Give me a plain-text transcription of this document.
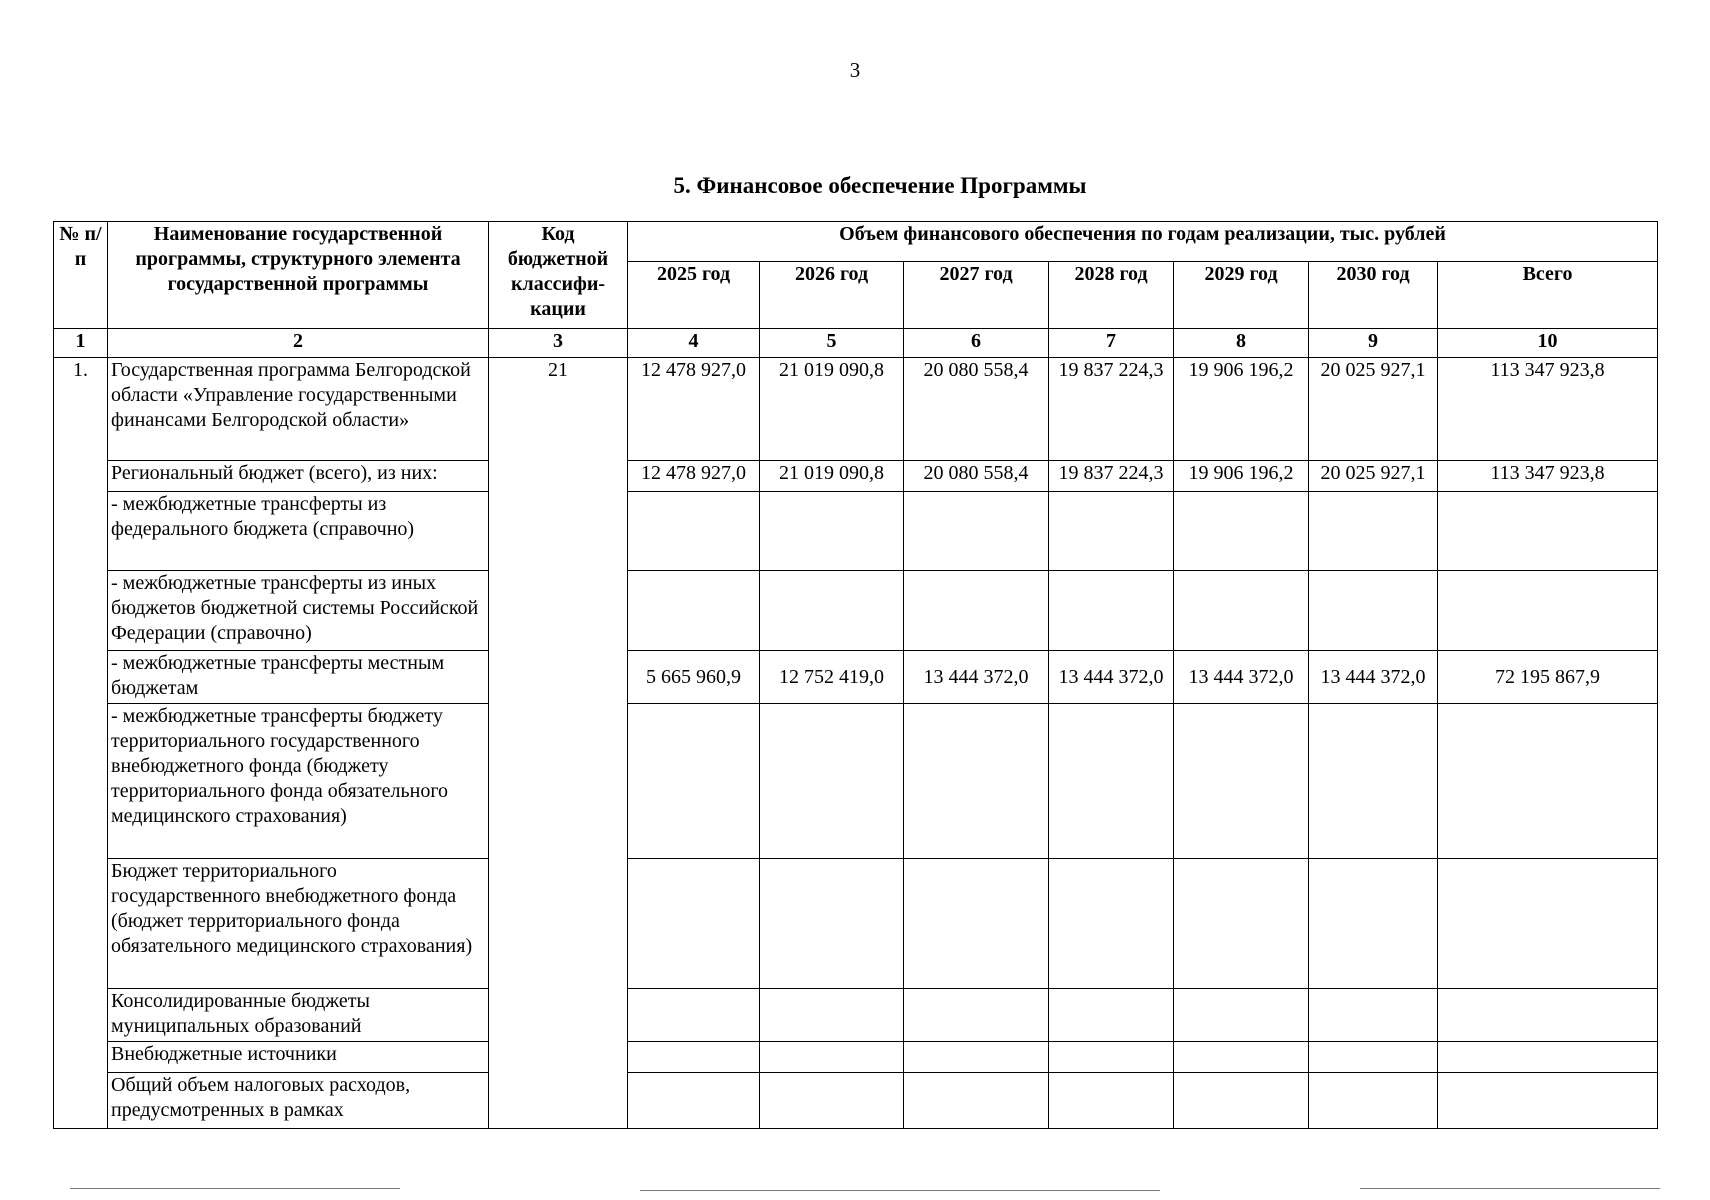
3
5. Финансовое обеспечение Программы
№ п/п	Наименование государственной программы, структурного элемента государственной программы	Код бюджетной классифи-кации	Объем финансового обеспечения по годам реализации, тыс. рублей						
			2025 год	2026 год	2027 год	2028 год	2029 год	2030 год	Всего
1	2	3	4	5	6	7	8	9	10
1.	Государственная программа Белгородской области «Управление государственными финансами Белгородской области»	21	12 478 927,0	21 019 090,8	20 080 558,4	19 837 224,3	19 906 196,2	20 025 927,1	113 347 923,8
	Региональный бюджет (всего), из них:		12 478 927,0	21 019 090,8	20 080 558,4	19 837 224,3	19 906 196,2	20 025 927,1	113 347 923,8
	- межбюджетные трансферты из федерального бюджета (справочно)								
	- межбюджетные трансферты из иных бюджетов бюджетной системы Российской Федерации (справочно)								
	- межбюджетные трансферты местным бюджетам		5 665 960,9	12 752 419,0	13 444 372,0	13 444 372,0	13 444 372,0	13 444 372,0	72 195 867,9
	- межбюджетные трансферты бюджету территориального государственного внебюджетного фонда (бюджету территориального фонда обязательного медицинского страхования)								
	Бюджет территориального государственного внебюджетного фонда (бюджет территориального фонда обязательного медицинского страхования)								
	Консолидированные бюджеты муниципальных образований								
	Внебюджетные источники								
	Общий объем налоговых расходов, предусмотренных в рамках								
